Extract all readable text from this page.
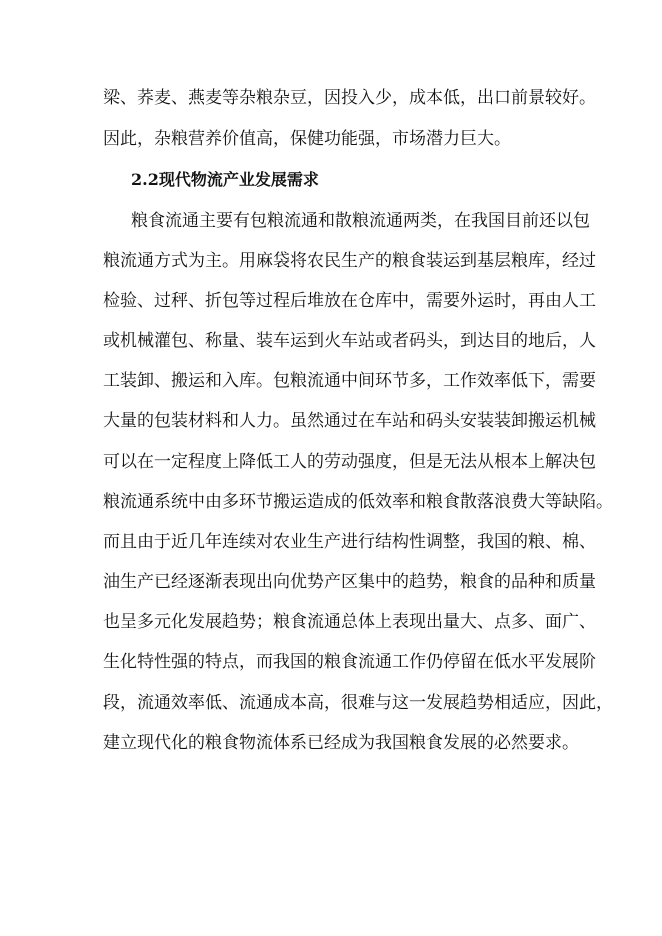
梁、荞麦、燕麦等杂粮杂豆，因投入少，成本低，出口前景较好。
因此，杂粮营养价值高，保健功能强，市场潜力巨大。
2.2现代物流产业发展需求
粮食流通主要有包粮流通和散粮流通两类，在我国目前还以包
粮流通方式为主。用麻袋将农民生产的粮食装运到基层粮库，经过
检验、过秤、折包等过程后堆放在仓库中，需要外运时，再由人工
或机械灌包、称量、装车运到火车站或者码头，到达目的地后，人
工装卸、搬运和入库。包粮流通中间环节多，工作效率低下，需要
大量的包装材料和人力。虽然通过在车站和码头安装装卸搬运机械
可以在一定程度上降低工人的劳动强度，但是无法从根本上解决包
粮流通系统中由多环节搬运造成的低效率和粮食散落浪费大等缺陷。
而且由于近几年连续对农业生产进行结构性调整，我国的粮、棉、
油生产已经逐渐表现出向优势产区集中的趋势，粮食的品种和质量
也呈多元化发展趋势；粮食流通总体上表现出量大、点多、面广、
生化特性强的特点，而我国的粮食流通工作仍停留在低水平发展阶
段，流通效率低、流通成本高，很难与这一发展趋势相适应，因此，
建立现代化的粮食物流体系已经成为我国粮食发展的必然要求。
